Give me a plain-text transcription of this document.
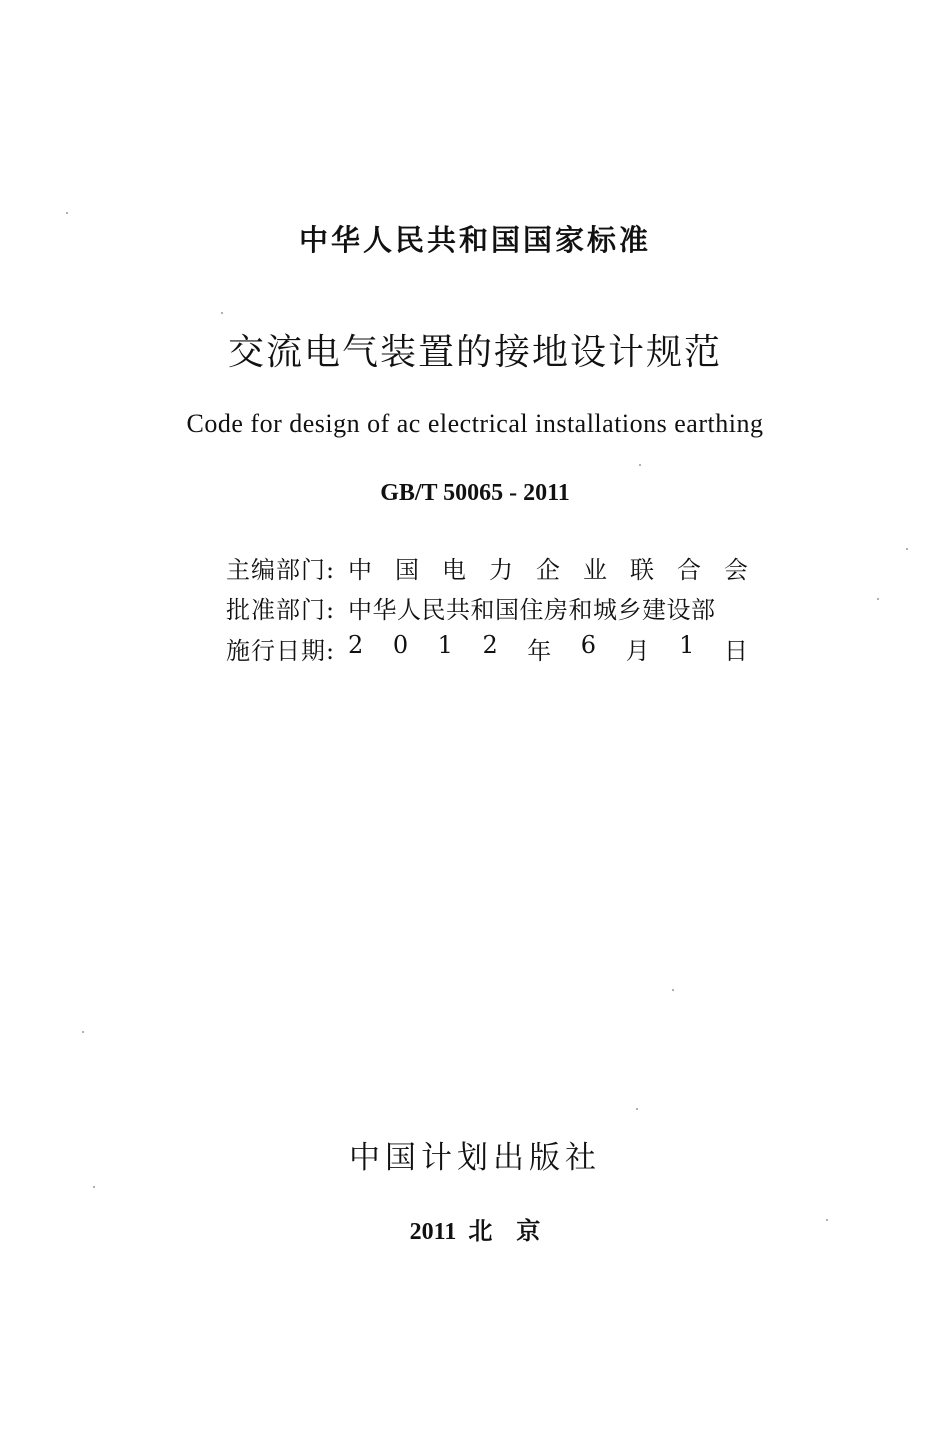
中华人民共和国国家标准
交流电气装置的接地设计规范
Code for design of ac electrical installations earthing
GB/T 50065 - 2011
主编部门: 中 国 电 力 企 业 联 合 会
批准部门: 中华人民共和国住房和城乡建设部
施行日期: 2 0 1 2 年 6 月 1 日
中国计划出版社
2011  北    京
